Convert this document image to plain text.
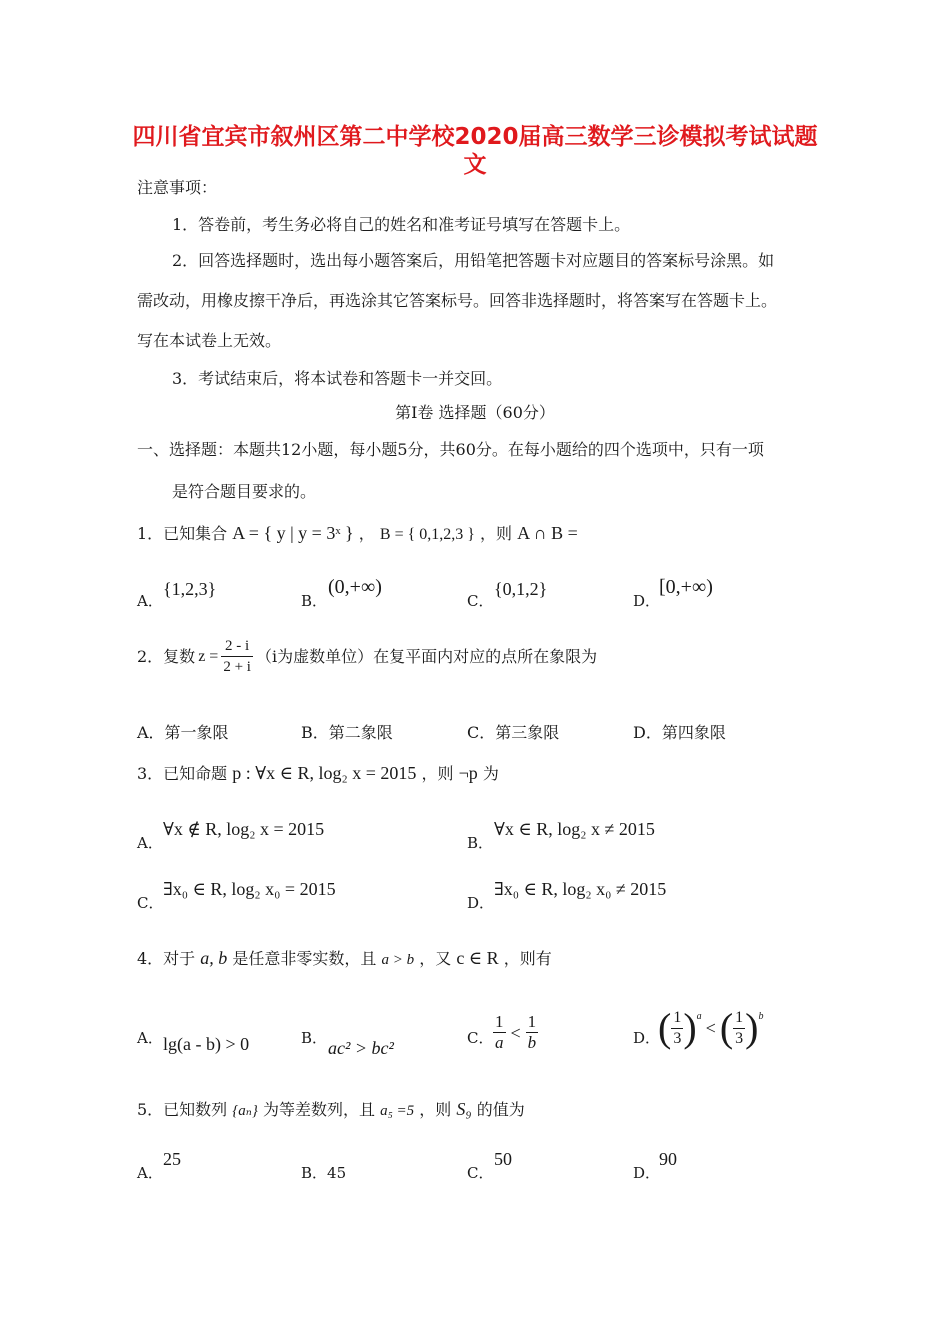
四川省宜宾市叙州区第二中学校2020届高三数学三诊模拟考试试题
文
注意事项：
1．答卷前，考生务必将自己的姓名和准考证号填写在答题卡上。
2．回答选择题时，选出每小题答案后，用铅笔把答题卡对应题目的答案标号涂黑。如
需改动，用橡皮擦干净后，再选涂其它答案标号。回答非选择题时，将答案写在答题卡上。
写在本试卷上无效。
3．考试结束后，将本试卷和答题卡一并交回。
第I卷 选择题（60分）
一、选择题：本题共12小题，每小题5分，共60分。在每小题给的四个选项中，只有一项
是符合题目要求的。
1．已知集合 A = { y | y = 3ˣ } ， B = { 0,1,2,3 } ，则 A ∩ B =
A．
{1,2,3}
B．
(0,+∞)
C．
{0,1,2}
D．
[0,+∞)
2．复数 $z = \frac{2 - i}{2 + i} (i$为虚数单位）在复平面内对应的点所在象限为
A．第一象限	B．第二象限	C．第三象限	D．第四象限
3．已知命题 p : ∀x ∈ R, log₂ x = 2015 ，则 ¬p 为
A．
∀x ∉ R, log₂ x = 2015
B．
∀x ∈ R, log₂ x ≠ 2015
C．
∃x₀ ∈ R, log₂ x₀ = 2015
D．
∃x₀ ∈ R, log₂ x₀ ≠ 2015
4．对于 a, b 是任意非零实数，且 a > b ，又 c ∈ R ，则有
A． lg(a - b) > 0	B． ac² > bc²	C． $\frac{1}{a} < \frac{1}{b}$	D．
( $\frac{1}{3}$ ) a
< ( $\frac{1}{3}$ ) b
5．已知数列 {aₙ} 为等差数列，且 a₅ =5 ，则 S₉ 的值为
A．
25
B．45	C．
50
D．
90
